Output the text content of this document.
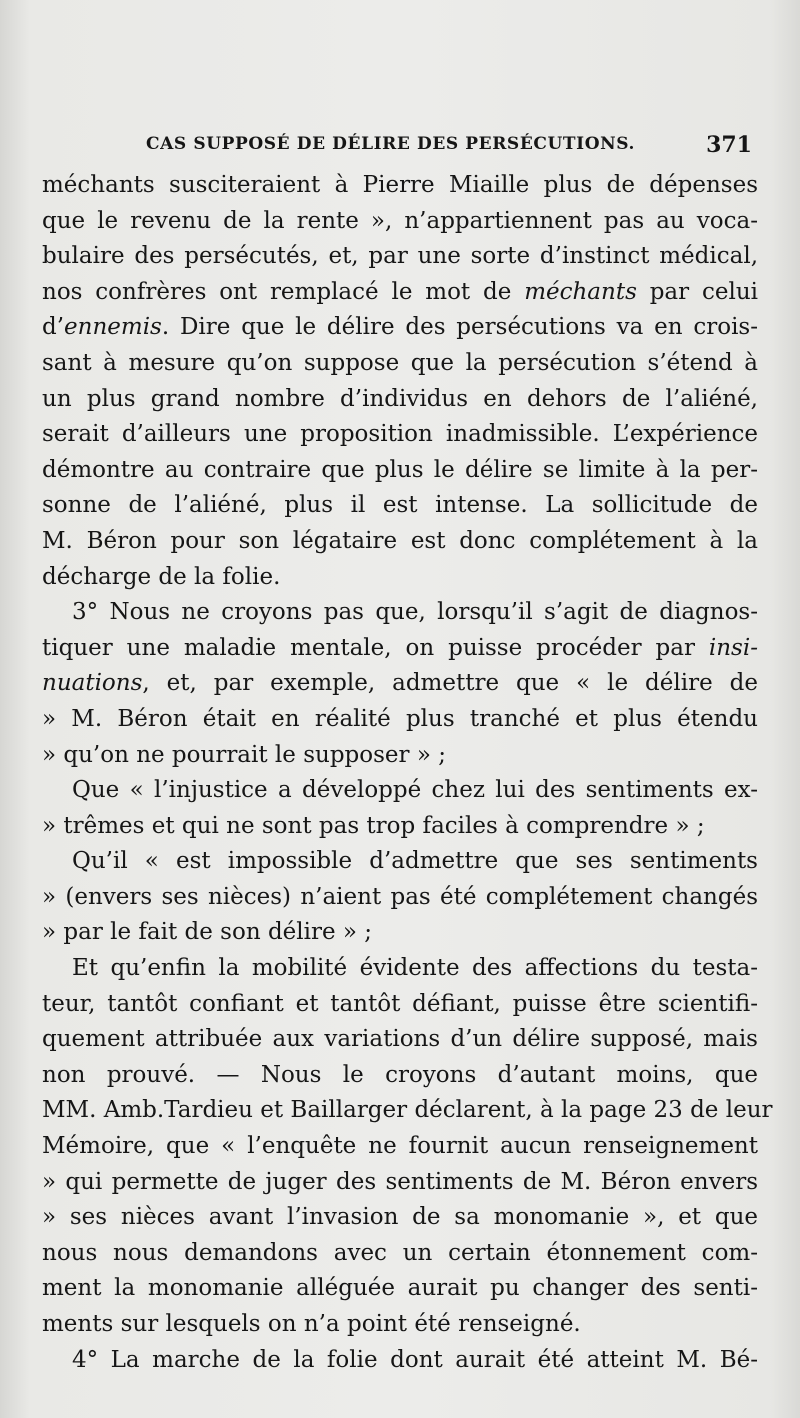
CAS SUPPOSÉ DE DÉLIRE DES PERSÉCUTIONS.	371
méchants susciteraient à Pierre Miaille plus de dépenses
que le revenu de la rente », n’appartiennent pas au voca-
bulaire des persécutés, et, par une sorte d’instinct médical,
nos confrères ont remplacé le mot de méchants par celui
d’ennemis. Dire que le délire des persécutions va en crois-
sant à mesure qu’on suppose que la persécution s’étend à
un plus grand nombre d’individus en dehors de l’aliéné,
serait d’ailleurs une proposition inadmissible. L’expérience
démontre au contraire que plus le délire se limite à la per-
sonne de l’aliéné, plus il est intense. La sollicitude de
M. Béron pour son légataire est donc complétement à la
décharge de la folie.
3° Nous ne croyons pas que, lorsqu’il s’agit de diagnos-
tiquer une maladie mentale, on puisse procéder par insi-
nuations, et, par exemple, admettre que « le délire de
» M. Béron était en réalité plus tranché et plus étendu
» qu’on ne pourrait le supposer » ;
Que « l’injustice a développé chez lui des sentiments ex-
» trêmes et qui ne sont pas trop faciles à comprendre » ;
Qu’il « est impossible d’admettre que ses sentiments
» (envers ses nièces) n’aient pas été complétement changés
» par le fait de son délire » ;
Et qu’enfin la mobilité évidente des affections du testa-
teur, tantôt confiant et tantôt défiant, puisse être scientifi-
quement attribuée aux variations d’un délire supposé, mais
non prouvé. — Nous le croyons d’autant moins, que
MM. Amb.Tardieu et Baillarger déclarent, à la page 23 de leur
Mémoire, que « l’enquête ne fournit aucun renseignement
» qui permette de juger des sentiments de M. Béron envers
» ses nièces avant l’invasion de sa monomanie », et que
nous nous demandons avec un certain étonnement com-
ment la monomanie alléguée aurait pu changer des senti-
ments sur lesquels on n’a point été renseigné.
4° La marche de la folie dont aurait été atteint M. Bé-
